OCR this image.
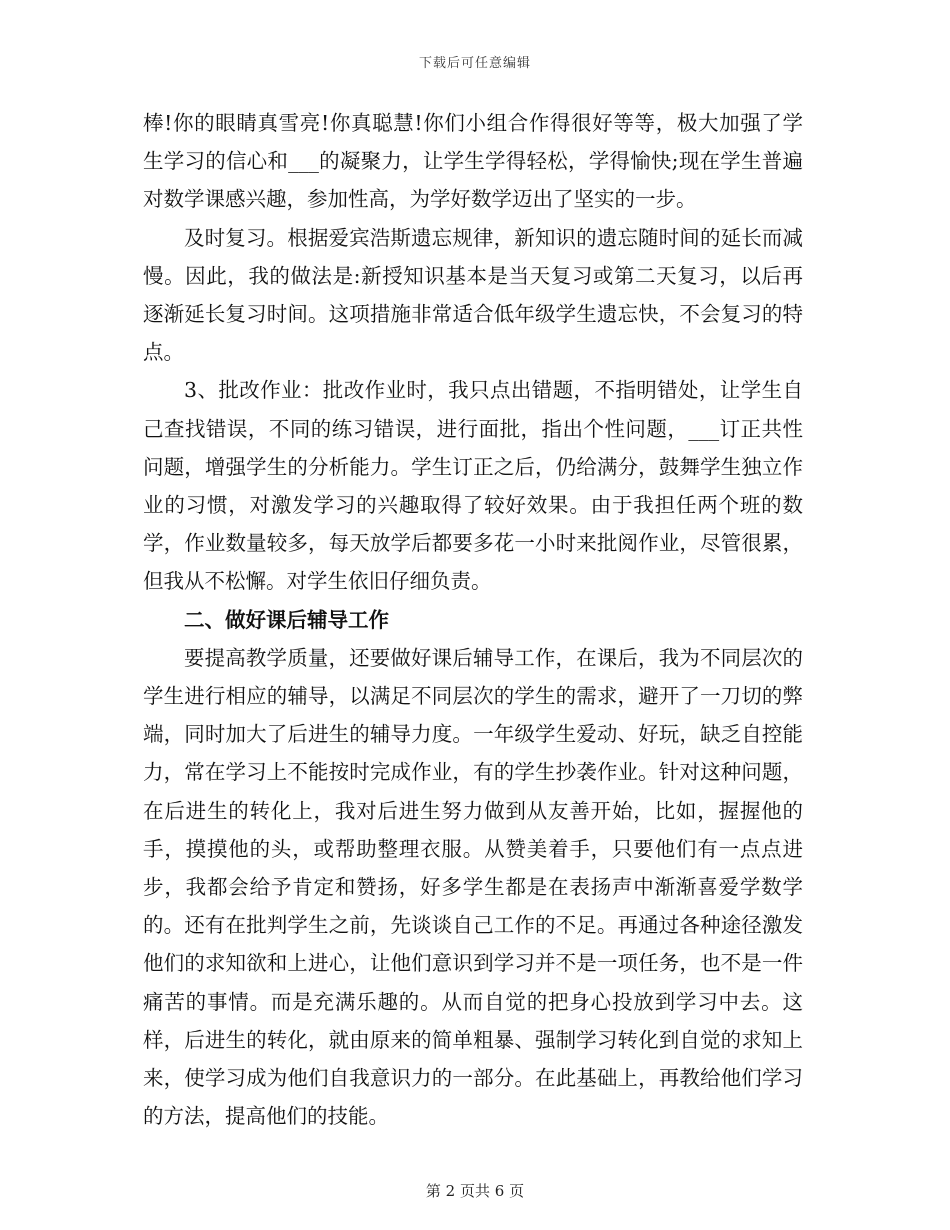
下载后可任意编辑

棒!你的眼睛真雪亮!你真聪慧!你们小组合作得很好等等，极大加强了学生学习的信心和___的凝聚力，让学生学得轻松，学得愉快;现在学生普遍对数学课感兴趣，参加性高，为学好数学迈出了坚实的一步。

及时复习。根据爱宾浩斯遗忘规律，新知识的遗忘随时间的延长而减慢。因此，我的做法是:新授知识基本是当天复习或第二天复习，以后再逐渐延长复习时间。这项措施非常适合低年级学生遗忘快，不会复习的特点。

3、批改作业：批改作业时，我只点出错题，不指明错处，让学生自己查找错误，不同的练习错误，进行面批，指出个性问题，___订正共性问题，增强学生的分析能力。学生订正之后，仍给满分，鼓舞学生独立作业的习惯，对激发学习的兴趣取得了较好效果。由于我担任两个班的数学，作业数量较多，每天放学后都要多花一小时来批阅作业，尽管很累，但我从不松懈。对学生依旧仔细负责。

二、做好课后辅导工作

要提高教学质量，还要做好课后辅导工作，在课后，我为不同层次的学生进行相应的辅导，以满足不同层次的学生的需求，避开了一刀切的弊端，同时加大了后进生的辅导力度。一年级学生爱动、好玩，缺乏自控能力，常在学习上不能按时完成作业，有的学生抄袭作业。针对这种问题，在后进生的转化上，我对后进生努力做到从友善开始，比如，握握他的手，摸摸他的头，或帮助整理衣服。从赞美着手，只要他们有一点点进步，我都会给予肯定和赞扬，好多学生都是在表扬声中渐渐喜爱学数学的。还有在批判学生之前，先谈谈自己工作的不足。再通过各种途径激发他们的求知欲和上进心，让他们意识到学习并不是一项任务，也不是一件痛苦的事情。而是充满乐趣的。从而自觉的把身心投放到学习中去。这样，后进生的转化，就由原来的简单粗暴、强制学习转化到自觉的求知上来，使学习成为他们自我意识力的一部分。在此基础上，再教给他们学习的方法，提高他们的技能。

第 2 页共 6 页
